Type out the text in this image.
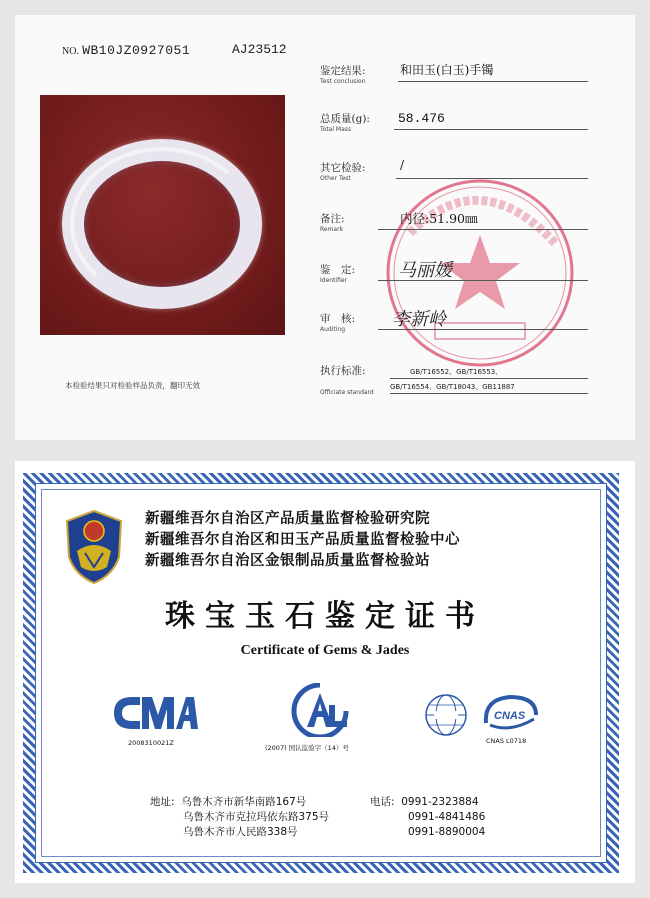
NO. WB10JZ0927051	AJ23512
本检验结果只对检验样品负责，翻印无效
鉴定结果:
Test conclusion
和田玉(白玉)手镯
总质量(g):
Total Mass
58.476
其它检验:
Other Test
/
备注:
Remark
内径:51.90㎜
鉴　定:
Identifier	马丽媛
审　核:
Auditing	李新岭
执行标准:
Officiate standard
GB/T16552、GB/T16553、
GB/T16554、GB/T18043、GB11887
新疆维吾尔自治区产品质量监督检验研究院
新疆维吾尔自治区和田玉产品质量监督检验中心
新疆维吾尔自治区金银制品质量监督检验站
珠宝玉石鉴定证书
Certificate of Gems & Jades
2008310021Z
(2007) 国认监验字（14）号
CNAS
CNAS L0718
地址: 乌鲁木齐市新华南路167号
乌鲁木齐市克拉玛依东路375号
乌鲁木齐市人民路338号
电话: 0991-2323884
0991-4841486
0991-8890004
